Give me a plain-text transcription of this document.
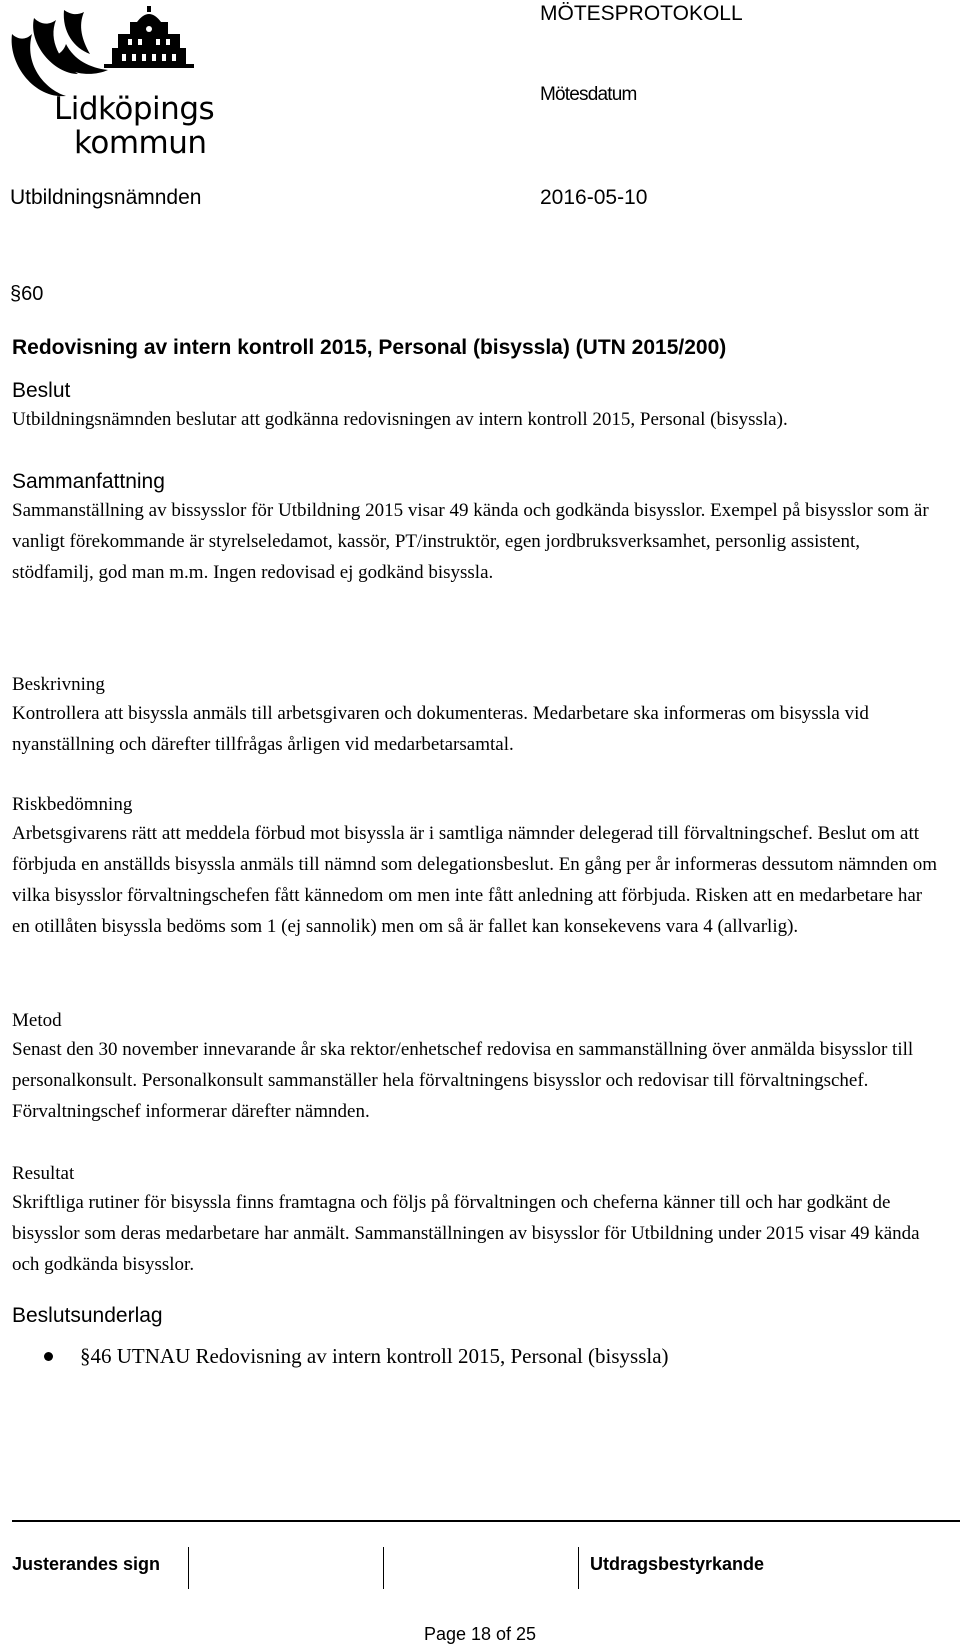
Lidköpings
kommun
MÖTESPROTOKOLL
Mötesdatum
Utbildningsnämnden	2016-05-10
§60
Redovisning av intern kontroll 2015, Personal (bisyssla) (UTN 2015/200)
Beslut

Utbildningsnämnden beslutar att godkänna redovisningen av intern kontroll 2015, Personal (bisyssla).

Sammanfattning

Sammanställning av bissysslor för Utbildning 2015 visar 49 kända och godkända bisysslor. Exempel på bisysslor som är vanligt förekommande är styrelseledamot, kassör, PT/instruktör, egen jordbruksverksamhet, personlig assistent, stödfamilj, god man m.m. Ingen redovisad ej godkänd bisyssla.

Beskrivning

Kontrollera att bisyssla anmäls till arbetsgivaren och dokumenteras. Medarbetare ska informeras om bisyssla vid nyanställning och därefter tillfrågas årligen vid medarbetarsamtal.

Riskbedömning

Arbetsgivarens rätt att meddela förbud mot bisyssla är i samtliga nämnder delegerad till förvaltningschef. Beslut om att förbjuda en anställds bisyssla anmäls till nämnd som delegationsbeslut. En gång per år informeras dessutom nämnden om vilka bisysslor förvaltningschefen fått kännedom om men inte fått anledning att förbjuda. Risken att en medarbetare har en otillåten bisyssla bedöms som 1 (ej sannolik) men om så är fallet kan konsekevens vara 4 (allvarlig).

Metod

Senast den 30 november innevarande år ska rektor/enhetschef redovisa en sammanställning över anmälda bisysslor till personalkonsult. Personalkonsult sammanställer hela förvaltningens bisysslor och redovisar till förvaltningschef. Förvaltningschef informerar därefter nämnden.

Resultat

Skriftliga rutiner för bisyssla finns framtagna och följs på förvaltningen och cheferna känner till och har godkänt de bisysslor som deras medarbetare har anmält. Sammanställningen av bisysslor för Utbildning under 2015 visar 49 kända och godkända bisysslor.

Beslutsunderlag
§46 UTNAU Redovisning av intern kontroll 2015, Personal (bisyssla)
Justerandes sign	Utdragsbestyrkande
Page 18 of 25
